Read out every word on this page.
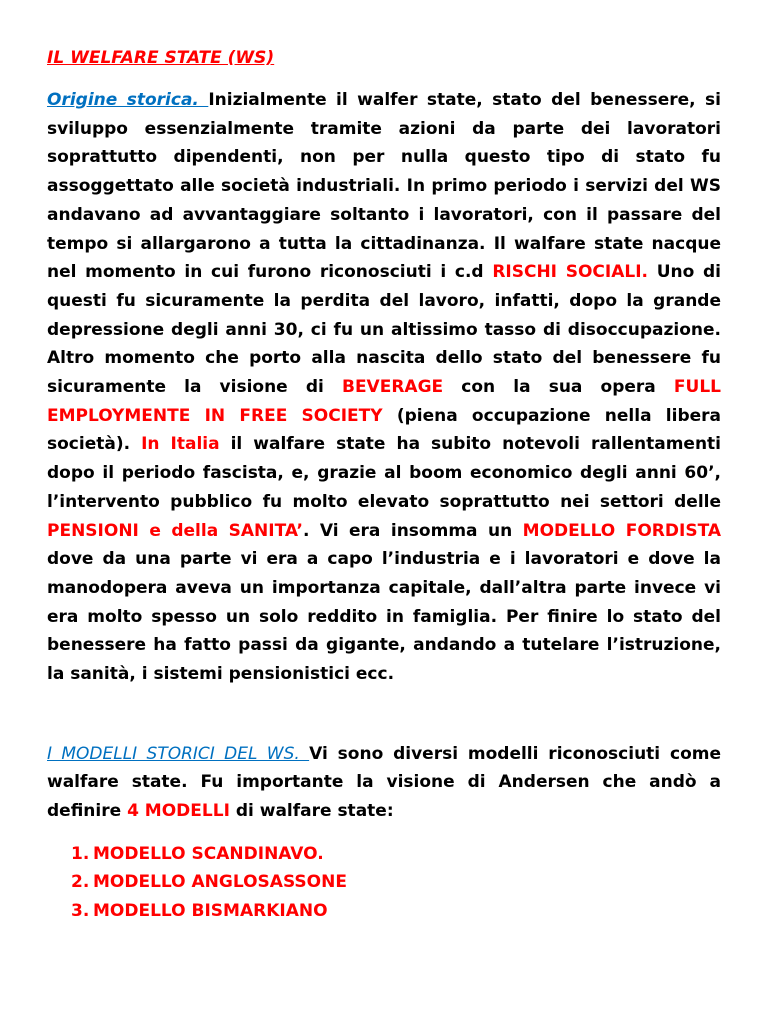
IL WELFARE STATE (WS)

Origine storica. Inizialmente il walfer state, stato del benessere, si sviluppo essenzialmente tramite azioni da parte dei lavoratori soprattutto dipendenti, non per nulla questo tipo di stato fu assoggettato alle società industriali. In primo periodo i servizi del WS andavano ad avvantaggiare soltanto i lavoratori, con il passare del tempo si allargarono a tutta la cittadinanza. Il walfare state nacque nel momento in cui furono riconosciuti i c.d RISCHI SOCIALI. Uno di questi fu sicuramente la perdita del lavoro, infatti, dopo la grande depressione degli anni 30, ci fu un altissimo tasso di disoccupazione. Altro momento che porto alla nascita dello stato del benessere fu sicuramente la visione di BEVERAGE con la sua opera FULL EMPLOYMENTE IN FREE SOCIETY (piena occupazione nella libera società). In Italia il walfare state ha subito notevoli rallentamenti dopo il periodo fascista, e, grazie al boom economico degli anni 60’, l’intervento pubblico fu molto elevato soprattutto nei settori delle PENSIONI e della SANITA’. Vi era insomma un MODELLO FORDISTA dove da una parte vi era a capo l’industria e i lavoratori e dove la manodopera aveva un importanza capitale, dall’altra parte invece vi era molto spesso un solo reddito in famiglia. Per finire lo stato del benessere ha fatto passi da gigante, andando a tutelare l’istruzione, la sanità, i sistemi pensionistici ecc.

I MODELLI STORICI DEL WS. Vi sono diversi modelli riconosciuti come walfare state. Fu importante la visione di Andersen che andò a definire 4 MODELLI di walfare state:

1. MODELLO SCANDINAVO.
2. MODELLO ANGLOSASSONE
3. MODELLO BISMARKIANO
